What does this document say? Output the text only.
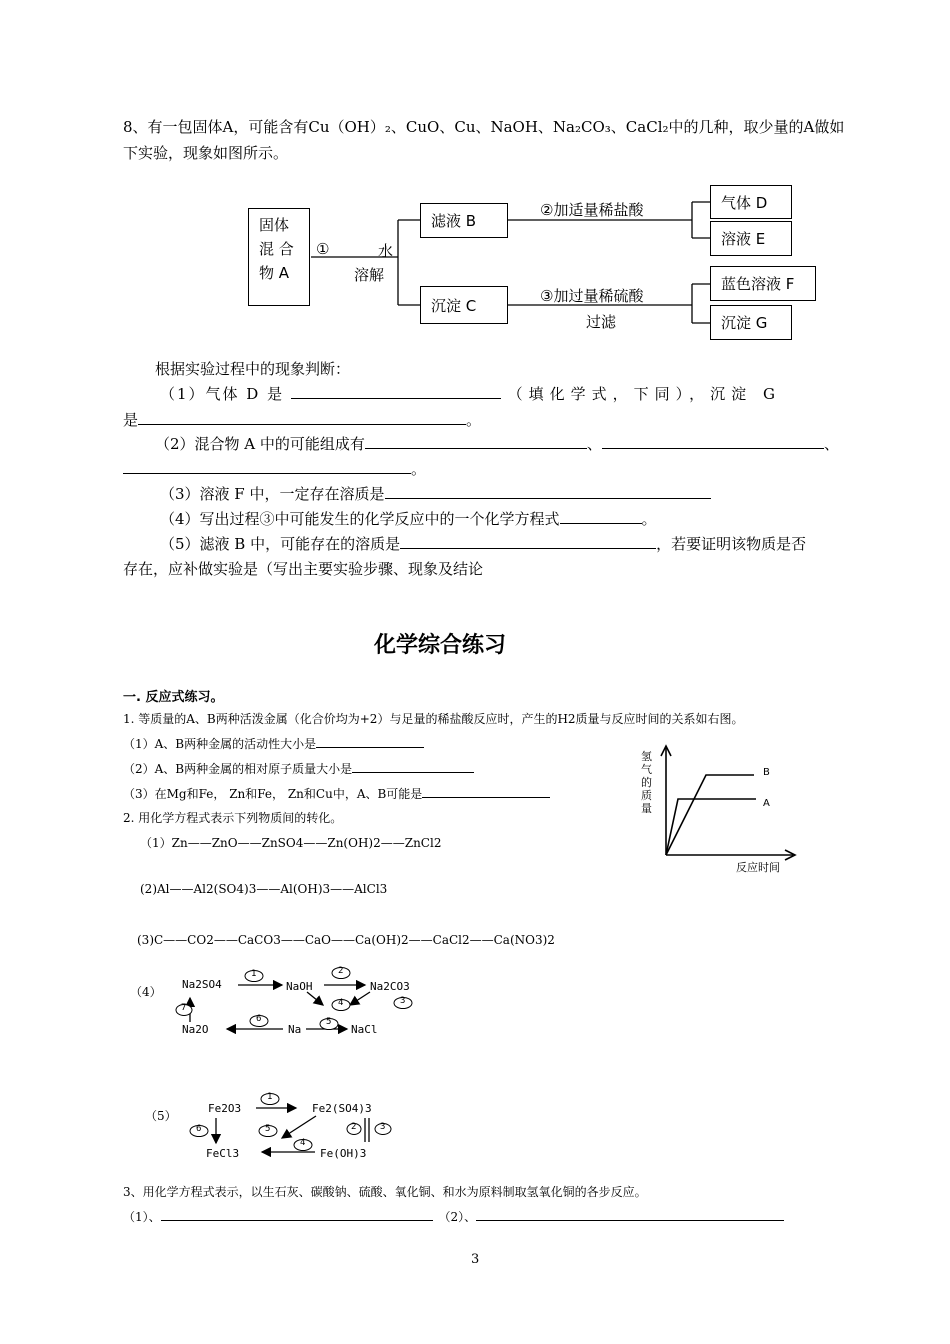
8、有一包固体A，可能含有Cu（OH）₂、CuO、Cu、NaOH、Na₂CO₃、CaCl₂中的几种，取少量的A做如
下实验，现象如图所示。
固体
混 合
物 A
①	水
溶解
滤液 B
沉淀 C
②加适量稀盐酸
③加过量稀硫酸
过滤
气体 D
溶液 E
蓝色溶液 F
沉淀 G
根据实验过程中的现象判断：
（1）气体 D 是	（填化学式，下同），沉淀 G
是	。
（2）混合物 A 中的可能组成有	、	、
。
（3）溶液 F 中，一定存在溶质是
（4）写出过程③中可能发生的化学反应中的一个化学方程式	。
（5）滤液 B 中，可能存在的溶质是	，若要证明该物质是否
存在，应补做实验是（写出主要实验步骤、现象及结论
化学综合练习
一. 反应式练习。
1. 等质量的A、B两种活泼金属（化合价均为+2）与足量的稀盐酸反应时，产生的H2质量与反应时间的关系如右图。
（1）A、B两种金属的活动性大小是
（2）A、B两种金属的相对原子质量大小是
（3）在Mg和Fe， Zn和Fe， Zn和Cu中，A、B可能是
氢
气
的
质
量
反应时间
B
A
2. 用化学方程式表示下列物质间的转化。
（1）Zn——ZnO——ZnSO4——Zn(OH)2——ZnCl2
(2)Al——Al2(SO4)3——Al(OH)3——AlCl3
(3)C——CO2——CaCO3——CaO——Ca(OH)2——CaCl2——Ca(NO3)2
（4）
Na2SO4	NaOH	Na2CO3
Na2O	Na	NaCl
1	2
3
4
5
6
7
（5）
Fe2O3	Fe2(SO4)3
FeCl3	Fe(OH)3
1
2	3
4
5
6
3、用化学方程式表示，以生石灰、碳酸钠、硫酸、氧化铜、和水为原料制取氢氧化铜的各步反应。
（1）、	（2）、
3
